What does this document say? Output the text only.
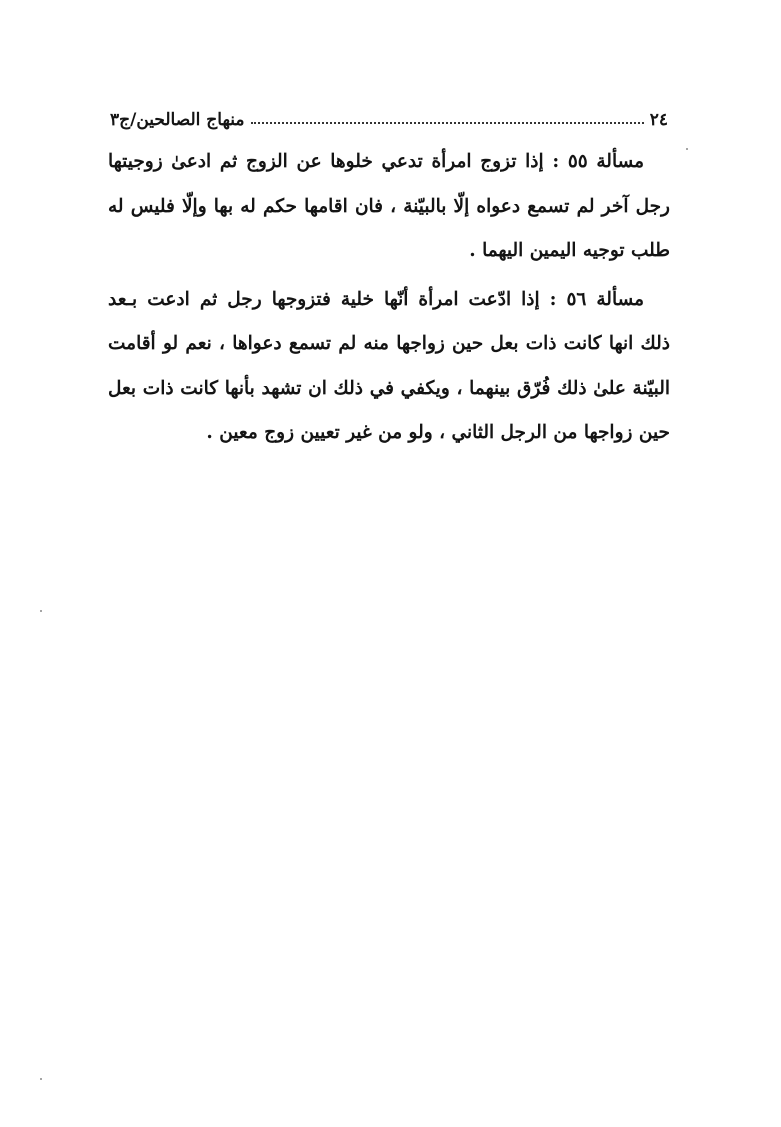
٢٤
منهاج الصالحين/ج٣
مسألة ٥٥ : إذا تزوج امرأة تدعي خلوها عن الزوج ثم ادعىٰ زوجيتها
رجل آخر لم تسمع دعواه إلّا بالبيّنة ، فان اقامها حكم له بها وإلّا فليس له
طلب توجيه اليمين اليهما .
مسألة ٥٦ : إذا ادّعت امرأة أنّها خلية فتزوجها رجل ثم ادعت بـعد
ذلك انها كانت ذات بعل حين زواجها منه لم تسمع دعواها ، نعم لو أقامت
البيّنة علىٰ ذلك فُرّق بينهما ، ويكفي في ذلك ان تشهد بأنها كانت ذات بعل
حين زواجها من الرجل الثاني ، ولو من غير تعيين زوج معين .
